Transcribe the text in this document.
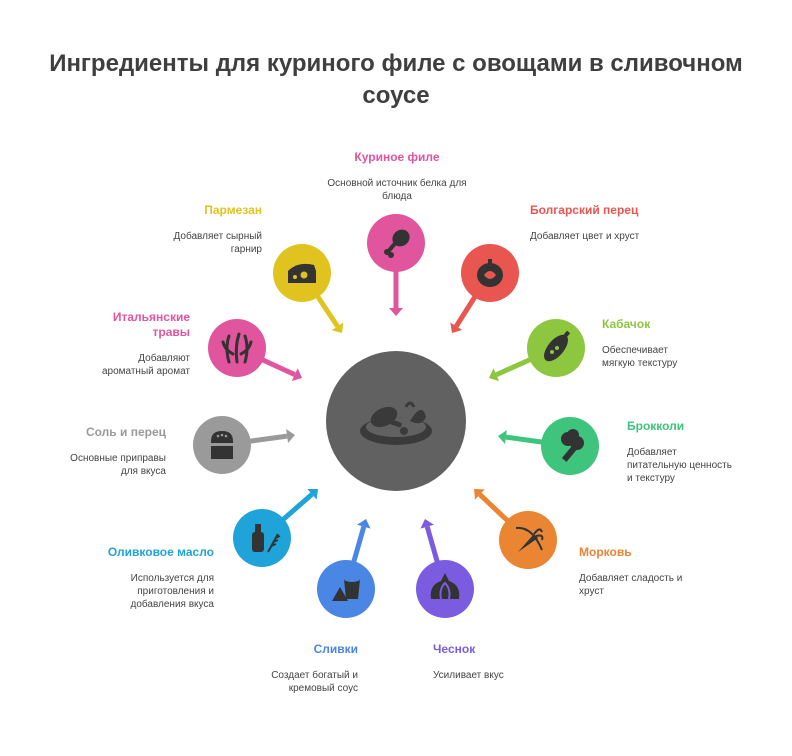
Ингредиенты для куриного филе с овощами в сливочном соусе
Куриное филе
Основной источник белка для блюда
Болгарский перец
Добавляет цвет и хруст
Кабачок
Обеспечивает мягкую текстуру
Брокколи
Добавляет питательную ценность и текстуру
Морковь
Добавляет сладость и хруст
Чеснок
Усиливает вкус
Сливки
Создает богатый и кремовый соус
Оливковое масло
Используется для приготовления и добавления вкуса
Соль и перец
Основные приправы для вкуса
Итальянские травы
Добавляют ароматный аромат
Пармезан
Добавляет сырный гарнир
